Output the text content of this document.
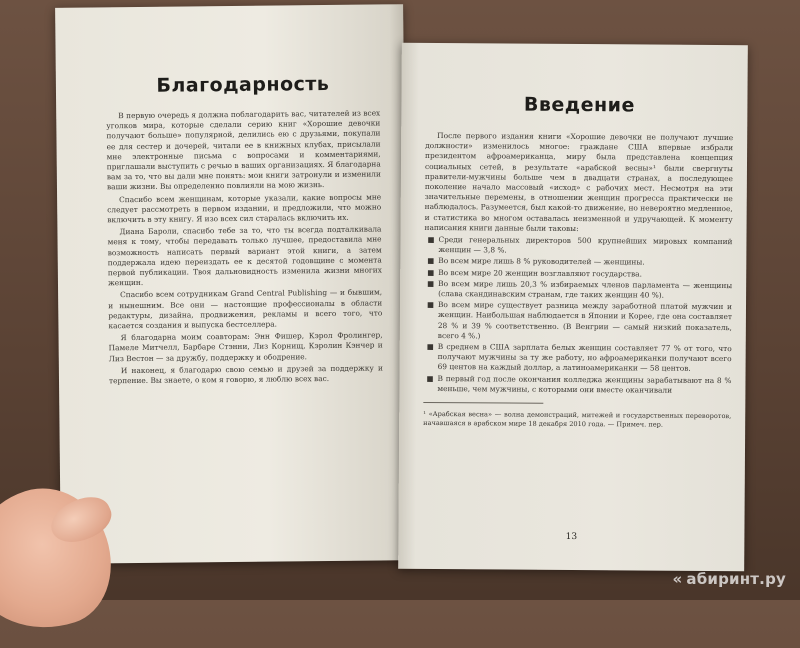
Благодарность

В первую очередь я должна поблагодарить вас, читателей из всех уголков мира, которые сделали серию книг «Хорошие девочки получают больше» популярной, делились ею с друзьями, покупали ее для сестер и дочерей, читали ее в книжных клубах, присылали мне электронные письма с вопросами и комментариями, приглашали выступить с речью в ваших организациях. Я благодарна вам за то, что вы дали мне понять: мои книги затронули и изменили ваши жизни. Вы определенно повлияли на мою жизнь.

Спасибо всем женщинам, которые указали, какие вопросы мне следует рассмотреть в первом издании, и предложили, что можно включить в эту книгу. Я изо всех сил старалась включить их.

Диана Бароли, спасибо тебе за то, что ты всегда подталкивала меня к тому, чтобы передавать только лучшее, предоставила мне возможность написать первый вариант этой книги, а затем поддержала идею переиздать ее к десятой годовщине с момента первой публикации. Твоя дальновидность изменила жизни многих женщин.

Спасибо всем сотрудникам Grand Central Publishing — и бывшим, и нынешним. Все они — настоящие профессионалы в области редактуры, дизайна, продвижения, рекламы и всего того, что касается создания и выпуска бестселлера.

Я благодарна моим соавторам: Энн Фишер, Кэрол Фролингер, Памеле Митчелл, Барбаре Стэнни, Лиз Корнищ, Кэролин Кэнчер и Лиз Вестон — за дружбу, поддержку и ободрение.

И наконец, я благодарю свою семью и друзей за поддержку и терпение. Вы знаете, о ком я говорю, я люблю всех вас.

Введение

После первого издания книги «Хорошие девочки не получают лучшие должности» изменилось многое: граждане США впервые избрали президентом афроамериканца, миру была представлена концепция социальных сетей, в результате «арабской весны»¹ были свергнуты правители-мужчины больше чем в двадцати странах, а последующее поколение начало массовый «исход» с рабочих мест. Несмотря на эти значительные перемены, в отношении женщин прогресса практически не наблюдалось. Разумеется, был какой-то движение, но невероятно медленное, и статистика во многом оставалась неизменной и удручающей. К моменту написания книги данные были таковы:

■ Среди генеральных директоров 500 крупнейших мировых компаний женщин — 3,8 %.
■ Во всем мире лишь 8 % руководителей — женщины.
■ Во всем мире 20 женщин возглавляют государства.
■ Во всем мире лишь 20,3 % избираемых членов парламента — женщины (слава скандинавским странам, где таких женщин 40 %).
■ Во всем мире существует разница между заработной платой мужчин и женщин. Наибольшая наблюдается в Японии и Корее, где она составляет 28 % и 39 % соответственно. (В Венгрии — самый низкий показатель, всего 4 %.)
■ В среднем в США зарплата белых женщин составляет 77 % от того, что получают мужчины за ту же работу, но афроамериканки получают всего 69 центов на каждый доллар, а латиноамериканки — 58 центов.
■ В первый год после окончания колледжа женщины зарабатывают на 8 % меньше, чем мужчины, с которыми они вместе оканчивали

¹ «Арабская весна» — волна демонстраций, митежей и государственных переворотов, начавшаяся в арабском мире 18 декабря 2010 года. — Примеч. пер.

13
« абиринт.ру
